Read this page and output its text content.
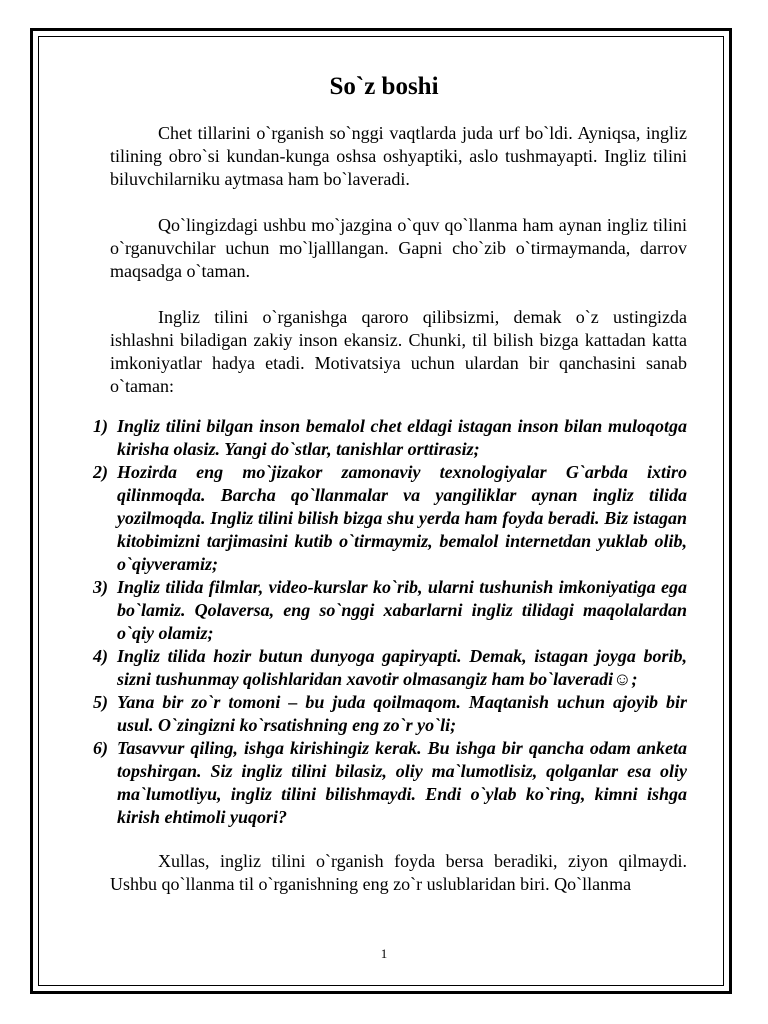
So`z boshi

Chet tillarini o`rganish so`nggi vaqtlarda juda urf bo`ldi. Ayniqsa, ingliz tilining obro`si kundan-kunga oshsa oshyaptiki, aslo tushmayapti. Ingliz tilini biluvchilarniku aytmasa ham bo`laveradi.

Qo`lingizdagi ushbu mo`jazgina o`quv qo`llanma ham aynan ingliz tilini o`rganuvchilar uchun mo`ljalllangan. Gapni cho`zib o`tirmaymanda, darrov maqsadga o`taman.

Ingliz tilini o`rganishga qaroro qilibsizmi, demak o`z ustingizda ishlashni biladigan zakiy inson ekansiz. Chunki, til bilish bizga kattadan katta imkoniyatlar hadya etadi. Motivatsiya uchun ulardan bir qanchasini sanab o`taman:

1) Ingliz tilini bilgan inson bemalol chet eldagi istagan inson bilan muloqotga kirisha olasiz. Yangi do`stlar, tanishlar orttirasiz;
2) Hozirda eng mo`jizakor zamonaviy texnologiyalar G`arbda ixtiro qilinmoqda. Barcha qo`llanmalar va yangiliklar aynan ingliz tilida yozilmoqda. Ingliz tilini bilish bizga shu yerda ham foyda beradi. Biz istagan kitobimizni tarjimasini kutib o`tirmaymiz, bemalol internetdan yuklab olib, o`qiyveramiz;
3) Ingliz tilida filmlar, video-kurslar ko`rib, ularni tushunish imkoniyatiga ega bo`lamiz. Qolaversa, eng so`nggi xabarlarni ingliz tilidagi maqolalardan o`qiy olamiz;
4) Ingliz tilida hozir butun dunyoga gapiryapti. Demak, istagan joyga borib, sizni tushunmay qolishlaridan xavotir olmasangiz ham bo`laveradi☺;
5) Yana bir zo`r tomoni – bu juda qoilmaqom. Maqtanish uchun ajoyib bir usul. O`zingizni ko`rsatishning eng zo`r yo`li;
6) Tasavvur qiling, ishga kirishingiz kerak. Bu ishga bir qancha odam anketa topshirgan. Siz ingliz tilini bilasiz, oliy ma`lumotlisiz, qolganlar esa oliy ma`lumotliyu, ingliz tilini bilishmaydi. Endi o`ylab ko`ring, kimni ishga kirish ehtimoli yuqori?

Xullas, ingliz tilini o`rganish foyda bersa beradiki, ziyon qilmaydi. Ushbu qo`llanma til o`rganishning eng zo`r uslublaridan biri. Qo`llanma

1
